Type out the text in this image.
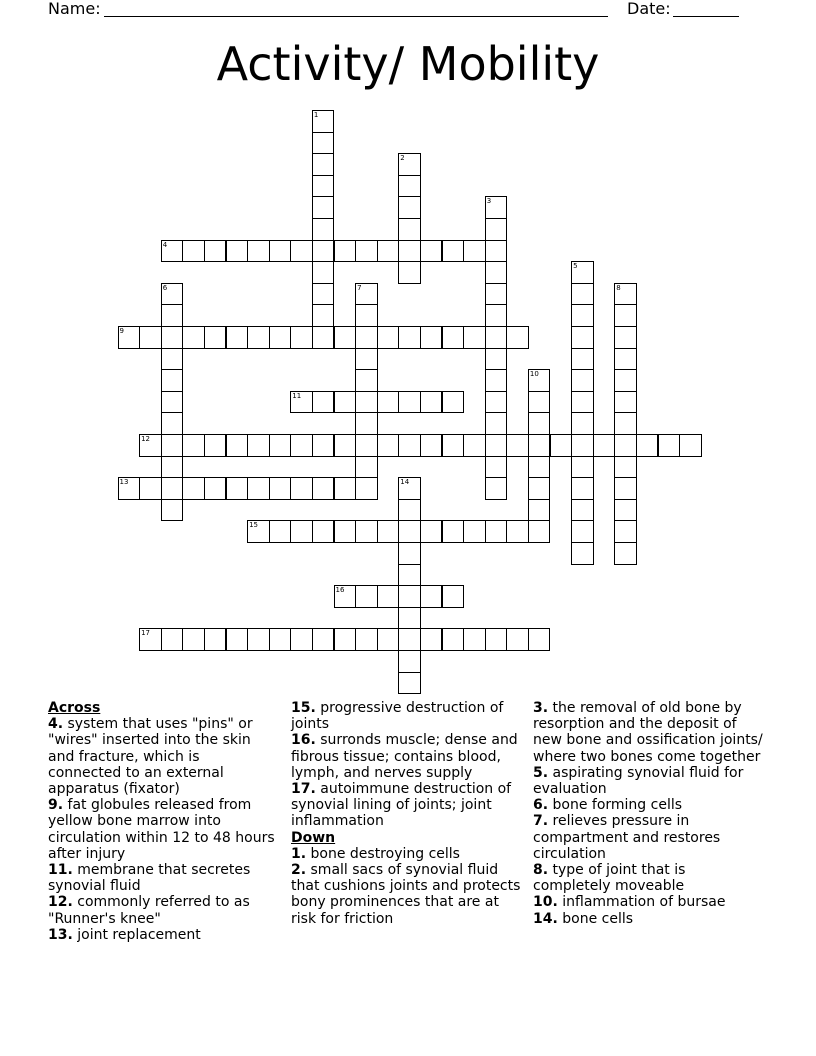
Name:	Date:
Activity/ Mobility
1
2
3
4
5
6	7	8
9
10
11
12
13	14
15
16
17

Across

4. system that uses "pins" or "wires" inserted into the skin and fracture, which is connected to an external apparatus (fixator)

9. fat globules released from yellow bone marrow into circulation within 12 to 48 hours after injury

11. membrane that secretes synovial fluid

12. commonly referred to as "Runner's knee"

13. joint replacement

15. progressive destruction of joints

16. surronds muscle; dense and fibrous tissue; contains blood, lymph, and nerves supply

17. autoimmune destruction of synovial lining of joints; joint inflammation

Down

1. bone destroying cells

2. small sacs of synovial fluid that cushions joints and protects bony prominences that are at risk for friction

3. the removal of old bone by resorption and the deposit of new bone and ossification joints/ where two bones come together

5. aspirating synovial fluid for evaluation

6. bone forming cells

7. relieves pressure in compartment and restores circulation

8. type of joint that is completely moveable

10. inflammation of bursae

14. bone cells
